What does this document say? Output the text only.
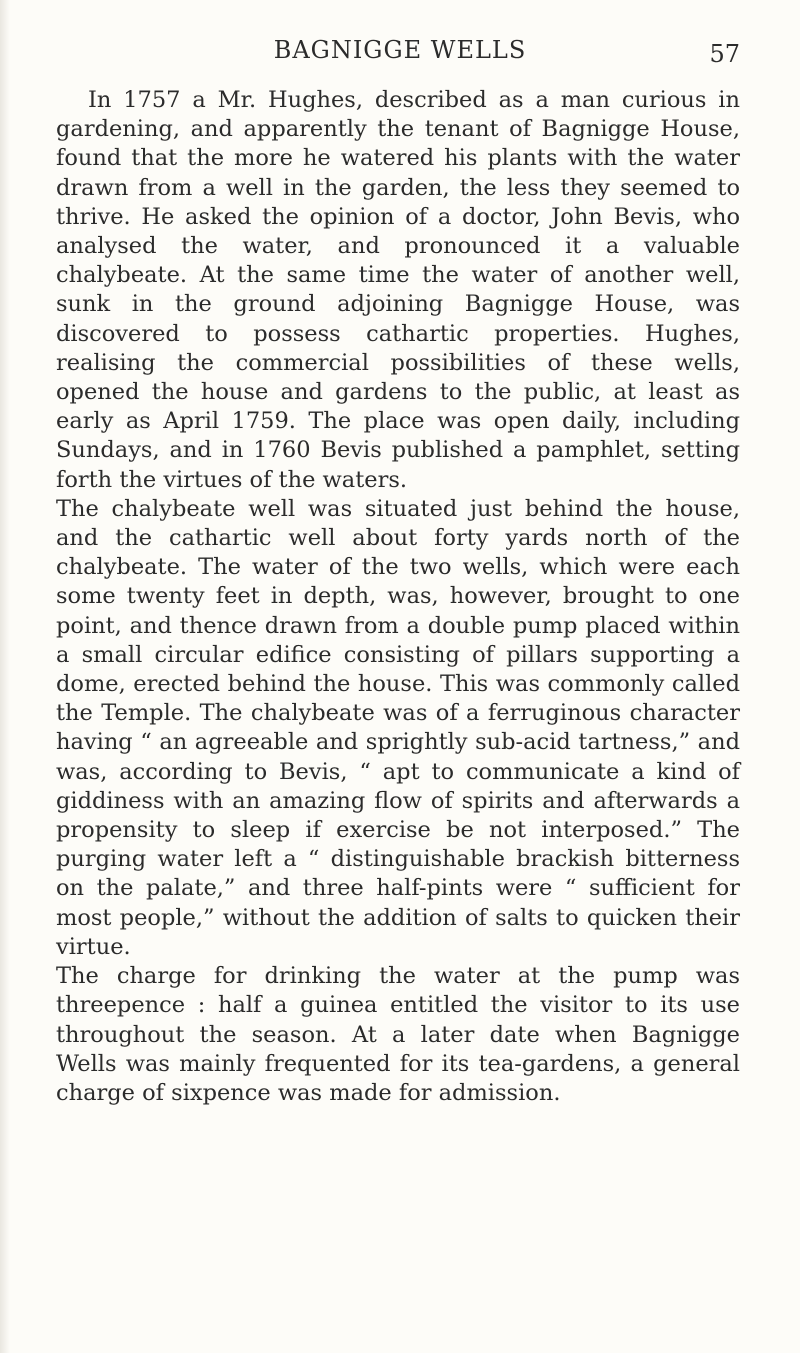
BAGNIGGE WELLS	57

In 1757 a Mr. Hughes, described as a man curious in gardening, and apparently the tenant of Bagnigge House, found that the more he watered his plants with the water drawn from a well in the garden, the less they seemed to thrive. He asked the opinion of a doctor, John Bevis, who analysed the water, and pronounced it a valuable chalybeate. At the same time the water of another well, sunk in the ground adjoining Bagnigge House, was discovered to possess cathartic properties. Hughes, realising the commercial possibilities of these wells, opened the house and gardens to the public, at least as early as April 1759. The place was open daily, including Sundays, and in 1760 Bevis published a pamphlet, setting forth the virtues of the waters.

The chalybeate well was situated just behind the house, and the cathartic well about forty yards north of the chalybeate. The water of the two wells, which were each some twenty feet in depth, was, however, brought to one point, and thence drawn from a double pump placed within a small circular edifice consisting of pillars supporting a dome, erected behind the house. This was commonly called the Temple. The chalybeate was of a ferruginous character having “ an agreeable and sprightly sub-acid tartness,” and was, according to Bevis, “ apt to communicate a kind of giddiness with an amazing flow of spirits and afterwards a propensity to sleep if exercise be not interposed.” The purging water left a “ distinguishable brackish bitterness on the palate,” and three half-pints were “ sufficient for most people,” without the addition of salts to quicken their virtue.

The charge for drinking the water at the pump was threepence : half a guinea entitled the visitor to its use throughout the season. At a later date when Bagnigge Wells was mainly frequented for its tea-gardens, a general charge of sixpence was made for admission.
